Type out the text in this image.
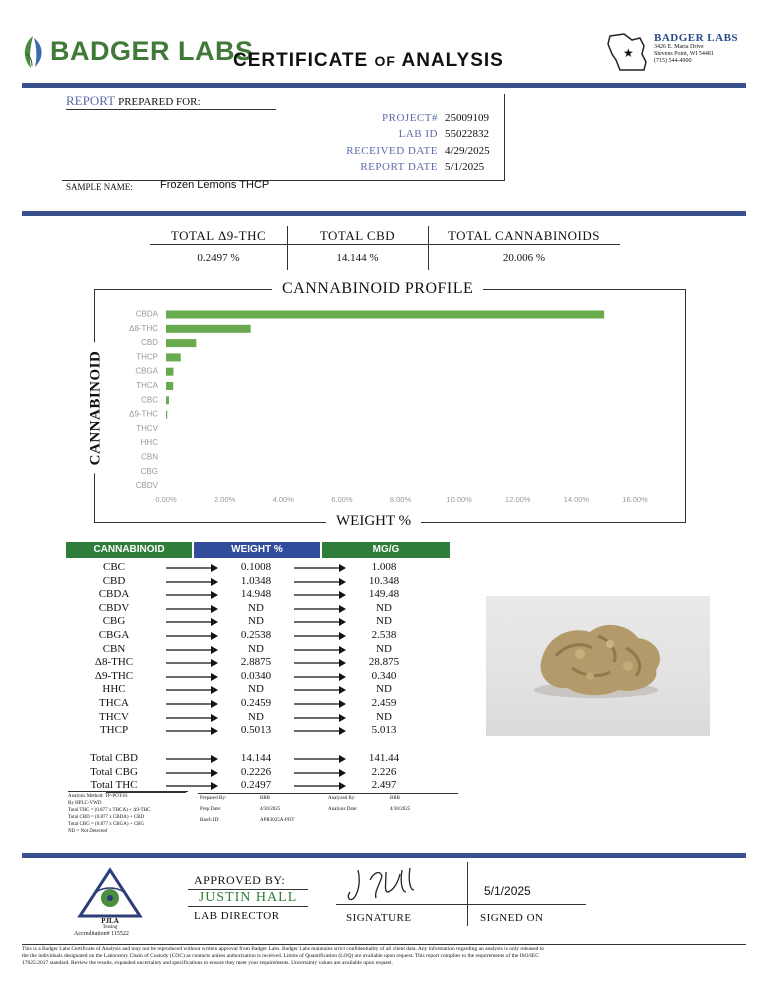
BADGER LABS
CERTIFICATE OF ANALYSIS	★
BADGER LABS
3426 E. Maria Drive
Stevens Point, WI 54481
(715) 544-4900
REPORT PREPARED FOR:
PROJECT# 25009109
LAB ID 55022832
RECEIVED DATE 4/29/2025
REPORT DATE 5/1/2025
SAMPLE NAME: Frozen Lemons THCP
TOTAL Δ9-THC
0.2497 %
TOTAL CBD
14.144 %
TOTAL CANNABINOIDS
20.006 %
CANNABINOID PROFILE
WEIGHT %
CANNABINOID
CBDA
Δ8-THC
CBD
THCP
CBGA
THCA
CBC
Δ9-THC
THCV
HHC
CBN
CBG
CBDV
0.00%	2.00%	4.00%	6.00%	8.00%	10.00%	12.00%	14.00%	16.00%
CANNABINOID	WEIGHT %	MG/G
CBC	0.1008	1.008
CBD	1.0348	10.348
CBDA	14.948	149.48
CBDV	ND	ND
CBG	ND	ND
CBGA	0.2538	2.538
CBN	ND	ND
Δ8-THC	2.8875	28.875
Δ9-THC	0.0340	0.340
HHC	ND	ND
THCA	0.2459	2.459
THCV	ND	ND
THCP	0.5013	5.013
Total CBD	14.144	141.44
Total CBG	0.2226	2.226
Total THC	0.2497	2.497
Analysis Method: TP-POT-01
By HPLC-VWD
Total THC = (0.877 x THCA) + Δ9-THC
Total CBD = (0.877 x CBDA) + CBD
Total CBG = (0.877 x CBGA) + CBG
ND = Not Detected
Prepared By:	BRB
Prep Date:	4/30/2025
Batch ID:	APR3025A-POT
Analyzed By:	BRB
Analysis Date:	4/30/2025
PJLA
Testing
Accreditation# 115522
APPROVED BY:
JUSTIN HALL
LAB DIRECTOR	SIGNATURE
5/1/2025
SIGNED ON
This is a Badger Labs Certificate of Analysis and may not be reproduced without written approval from Badger Labs. Badger Labs maintains strict confidentiality of all client data. Any information regarding an analysis is only released to
the the individuals designated on the Laboratory Chain of Custody (COC) as contacts unless authorization is received. Limits of Quantification (LOQ) are available upon request. This report complies to the requirements of the ISO/IEC
17025:2017 standard. Review the results, expanded uncertainty and specifications to ensure they meet your requirements. Uncertainty values are available upon request.
